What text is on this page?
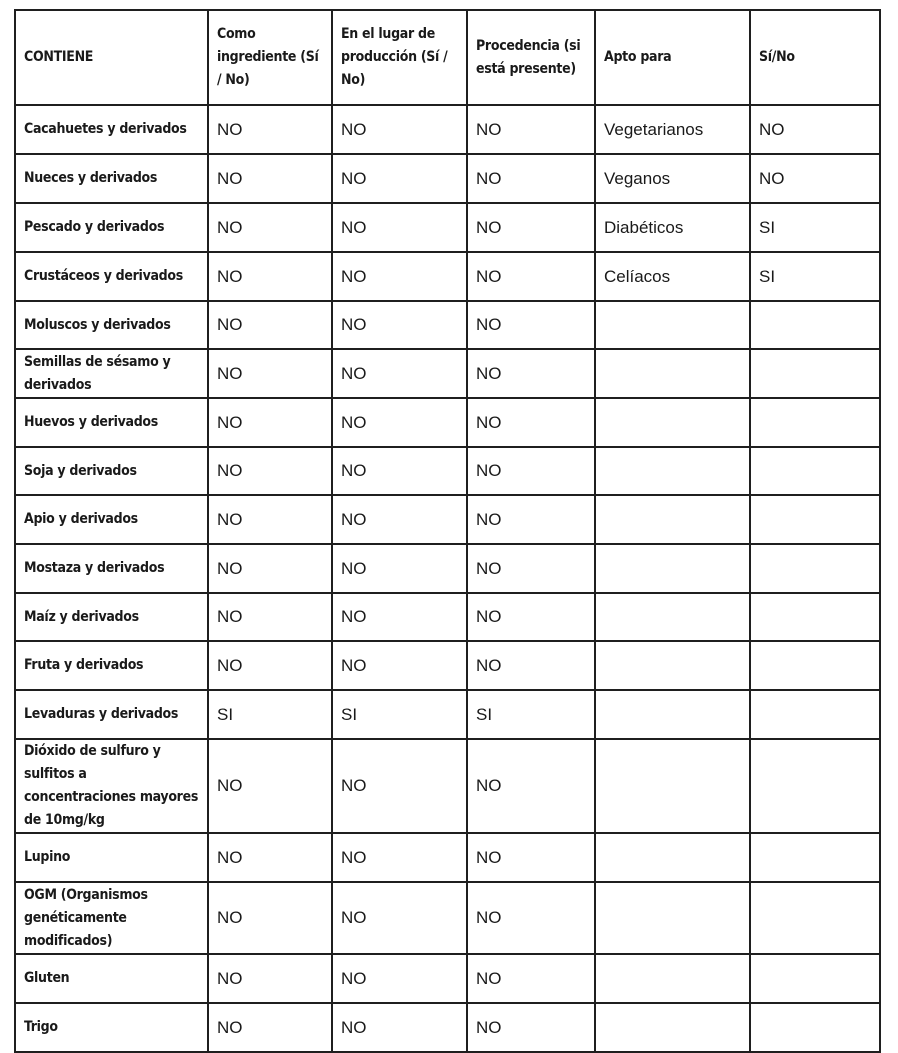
CONTIENE	Como ingrediente (Sí / No)	En el lugar de producción (Sí / No)	Procedencia (si está presente)	Apto para	Sí/No
Cacahuetes y derivados	NO	NO	NO	Vegetarianos	NO
Nueces y derivados	NO	NO	NO	Veganos	NO
Pescado y derivados	NO	NO	NO	Diabéticos	SI
Crustáceos y derivados	NO	NO	NO	Celíacos	SI
Moluscos y derivados	NO	NO	NO		
Semillas de sésamo y derivados	NO	NO	NO		
Huevos y derivados	NO	NO	NO		
Soja y derivados	NO	NO	NO		
Apio y derivados	NO	NO	NO		
Mostaza y derivados	NO	NO	NO		
Maíz y derivados	NO	NO	NO		
Fruta y derivados	NO	NO	NO		
Levaduras y derivados	SI	SI	SI		
Dióxido de sulfuro y sulfitos a concentraciones mayores de 10mg/kg	NO	NO	NO		
Lupino	NO	NO	NO		
OGM (Organismos genéticamente modificados)	NO	NO	NO		
Gluten	NO	NO	NO		
Trigo	NO	NO	NO		
